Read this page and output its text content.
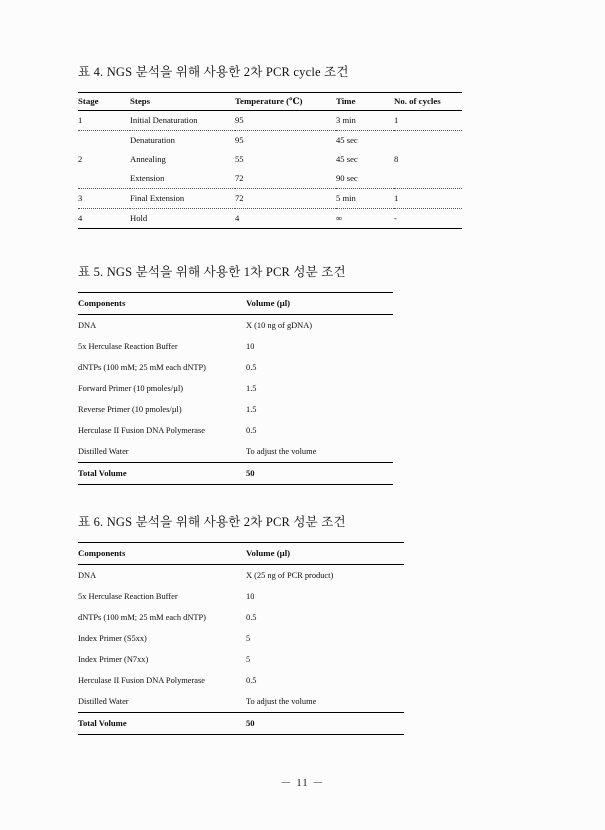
표 4. NGS 분석을 위해 사용한 2차 PCR cycle 조건
Stage	Steps	Temperature (℃)	Time	No. of cycles
1	Initial Denaturation	95	3 min	1
	Denaturation	95	45 sec	
2	Annealing	55	45 sec	8
	Extension	72	90 sec	
3	Final Extension	72	5 min	1
4	Hold	4	∞	-
표 5. NGS 분석을 위해 사용한 1차 PCR 성분 조건
Components	Volume (µl)
DNA	X (10 ng of gDNA)
5x Herculase Reaction Buffer	10
dNTPs (100 mM; 25 mM each dNTP)	0.5
Forward Primer (10 pmoles/µl)	1.5
Reverse Primer (10 pmoles/µl)	1.5
Herculase II Fusion DNA Polymerase	0.5
Distilled Water	To adjust the volume
Total Volume	50
표 6. NGS 분석을 위해 사용한 2차 PCR 성분 조건
Components	Volume (µl)
DNA	X (25 ng of PCR product)
5x Herculase Reaction Buffer	10
dNTPs (100 mM; 25 mM each dNTP)	0.5
Index Primer (S5xx)	5
Index Primer (N7xx)	5
Herculase II Fusion DNA Polymerase	0.5
Distilled Water	To adjust the volume
Total Volume	50
－ 11 －
